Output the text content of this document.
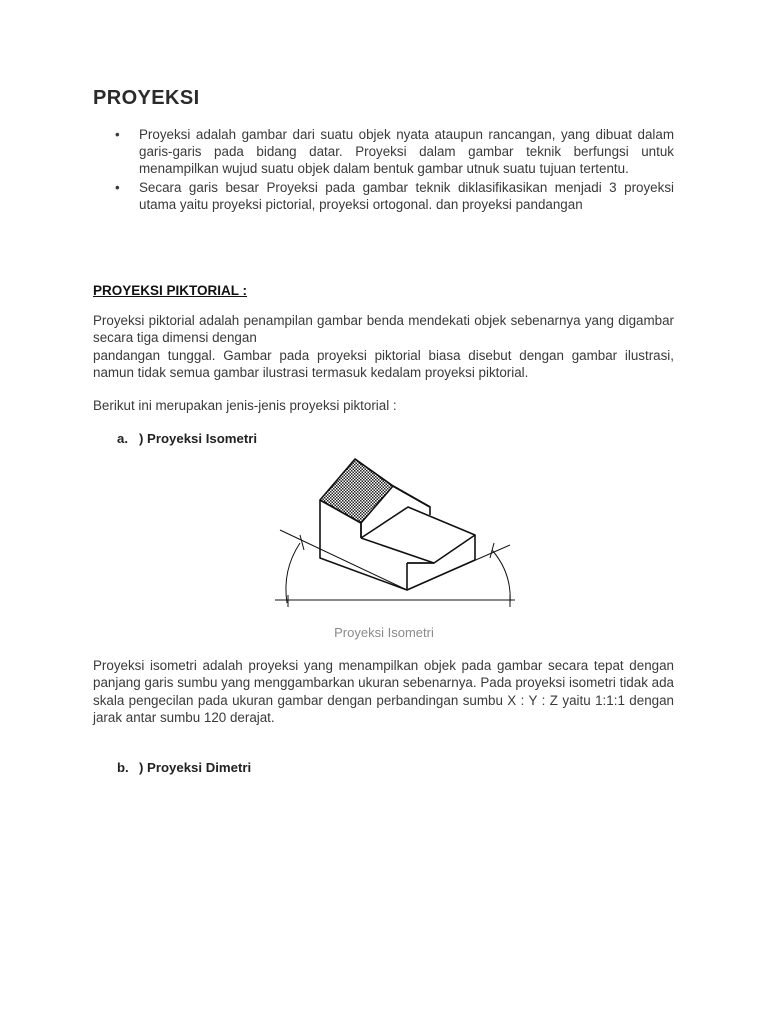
PROYEKSI
• Proyeksi adalah gambar dari suatu objek nyata ataupun rancangan, yang dibuat dalam garis-garis pada bidang datar. Proyeksi dalam gambar teknik berfungsi untuk menampilkan wujud suatu objek dalam bentuk gambar utnuk suatu tujuan tertentu.
• Secara garis besar Proyeksi pada gambar teknik diklasifikasikan menjadi 3 proyeksi utama yaitu proyeksi pictorial, proyeksi ortogonal. dan proyeksi pandangan
PROYEKSI PIKTORIAL :
Proyeksi piktorial adalah penampilan gambar benda mendekati objek sebenarnya yang digambar secara tiga dimensi dengan
pandangan tunggal. Gambar pada proyeksi piktorial biasa disebut dengan gambar ilustrasi, namun tidak semua gambar ilustrasi termasuk kedalam proyeksi piktorial.
Berikut ini merupakan jenis-jenis proyeksi piktorial :
a. ) Proyeksi Isometri
Proyeksi Isometri
Proyeksi isometri adalah proyeksi yang menampilkan objek pada gambar secara tepat dengan panjang garis sumbu yang menggambarkan ukuran sebenarnya. Pada proyeksi isometri tidak ada skala pengecilan pada ukuran gambar dengan perbandingan sumbu X : Y : Z yaitu 1:1:1 dengan jarak antar sumbu 120 derajat.
b. ) Proyeksi Dimetri
